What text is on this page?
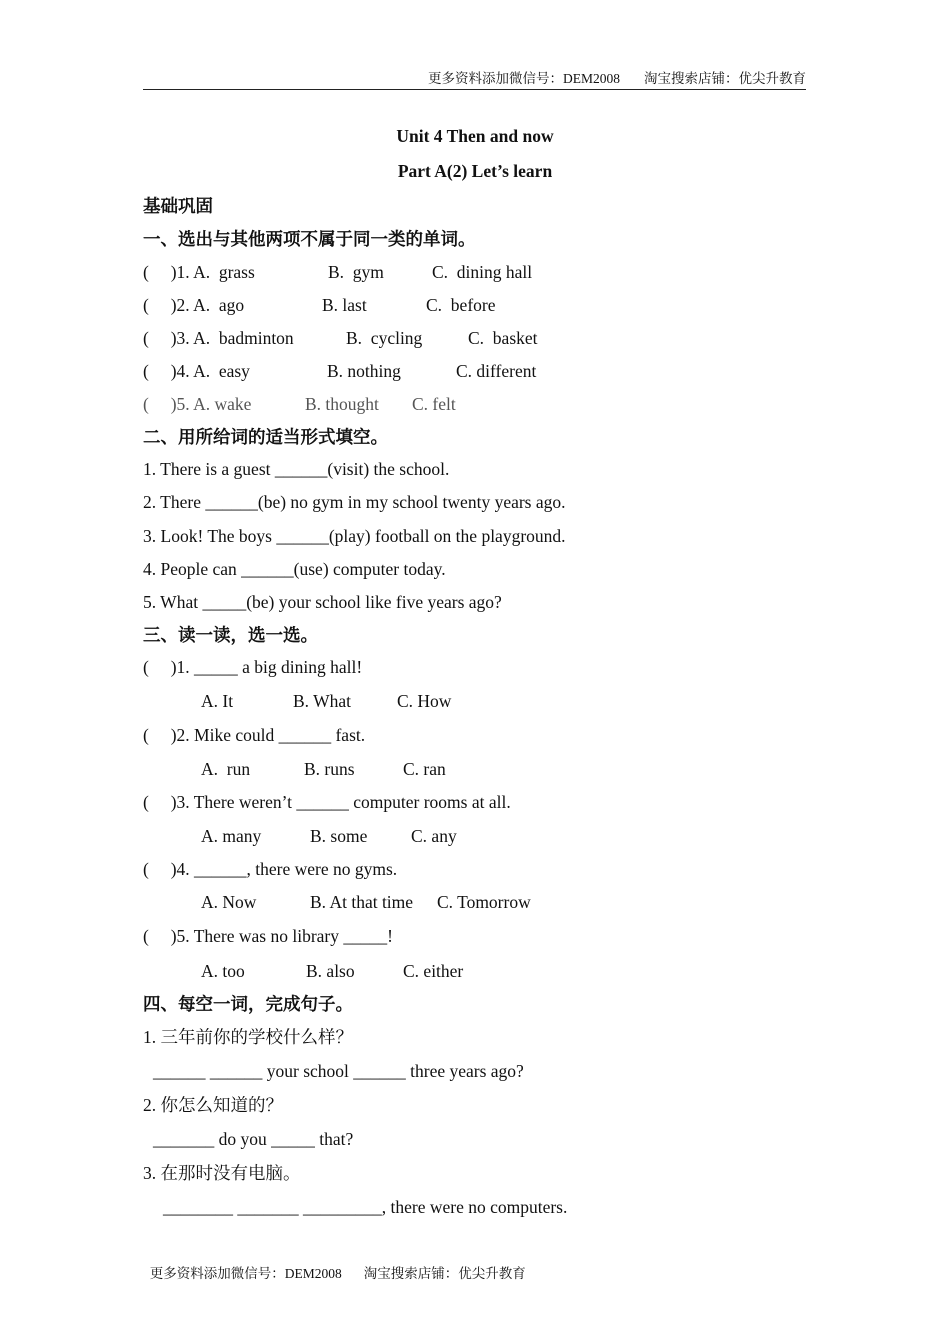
更多资料添加微信号：DEM2008 淘宝搜索店铺：优尖升教育
Unit 4 Then and now
Part A(2) Let’s learn
基础巩固
一、选出与其他两项不属于同一类的单词。
(     )1. A.  grass	B.  gym	C.  dining hall
(     )2. A.  ago	B. last	C.  before
(     )3. A.  badminton	B.  cycling	C.  basket
(     )4. A.  easy	B. nothing	C. different
(     )5. A. wake	B. thought C. felt
二、用所给词的适当形式填空。
1. There is a guest ______(visit) the school.
2. There ______(be) no gym in my school twenty years ago.
3. Look! The boys ______(play) football on the playground.
4. People can ______(use) computer today.
5. What _____(be) your school like five years ago?
三、读一读，选一选。
(     )1. _____ a big dining hall!
A. It	B. What	C. How
(     )2. Mike could ______ fast.
A.  run	B. runs	C. ran
(     )3. There weren’t ______ computer rooms at all.
A. many	B. some C. any
(     )4. ______, there were no gyms.
A. Now	B. At that time C. Tomorrow
(     )5. There was no library _____!
A. too	B. also	C. either
四、每空一词，完成句子。
1. 三年前你的学校什么样？
______ ______ your school ______ three years ago?
2. 你怎么知道的？
_______ do you _____ that?
3. 在那时没有电脑。
________ _______ _________, there were no computers.

更多资料添加微信号：DEM2008 淘宝搜索店铺：优尖升教育
